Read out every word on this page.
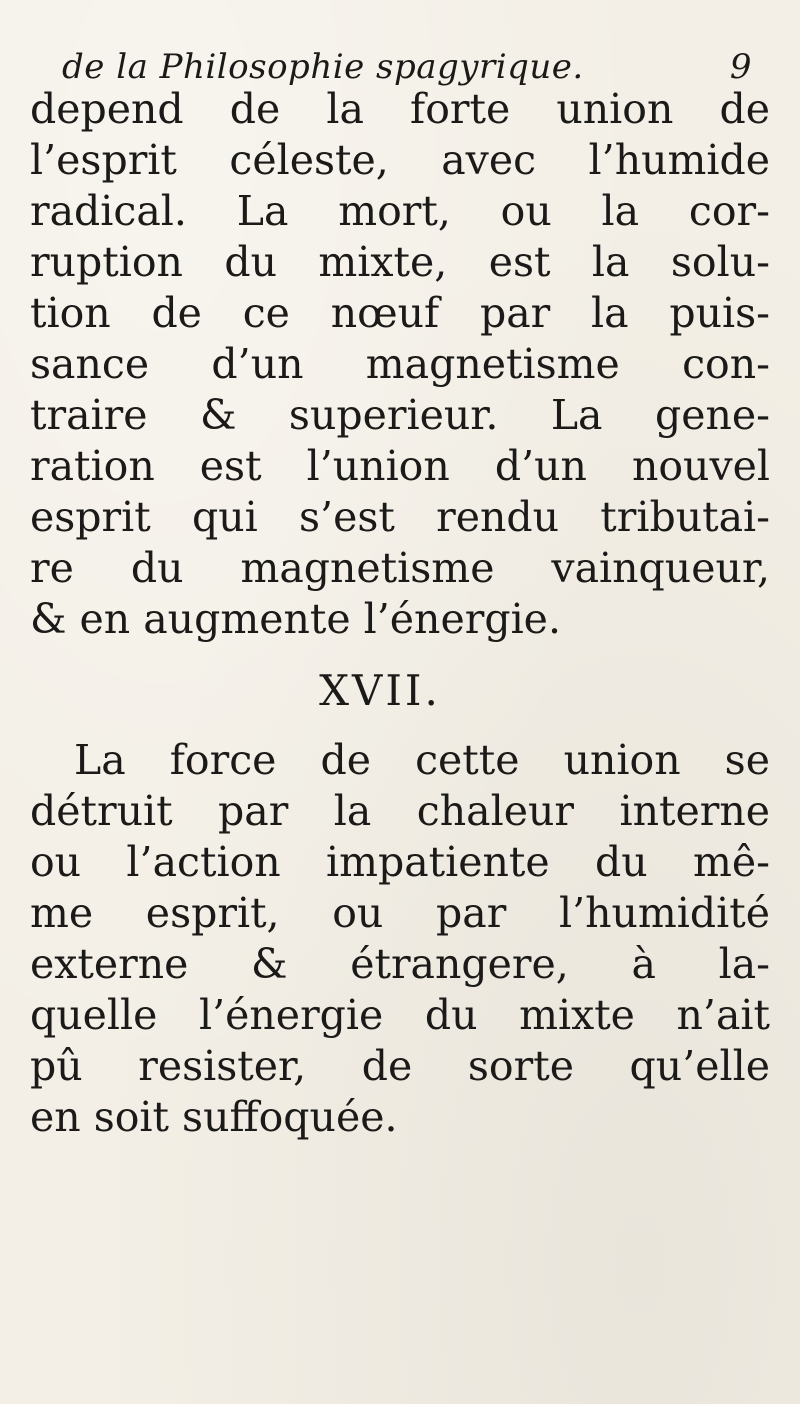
de la Philosophie spagyrique.	9
depend de la forte union de
l’esprit céleste, avec l’humide
radical. La mort, ou la cor-
ruption du mixte, est la solu-
tion de ce nœuf par la puis-
sance d’un magnetisme con-
traire & superieur. La gene-
ration est l’union d’un nouvel
esprit qui s’est rendu tributai-
re du magnetisme vainqueur,
& en augmente l’énergie.
XVII.
La force de cette union se
détruit par la chaleur interne
ou l’action impatiente du mê-
me esprit, ou par l’humidité
externe & étrangere, à la-
quelle l’énergie du mixte n’ait
pû resister, de sorte qu’elle
en soit suffoquée.
